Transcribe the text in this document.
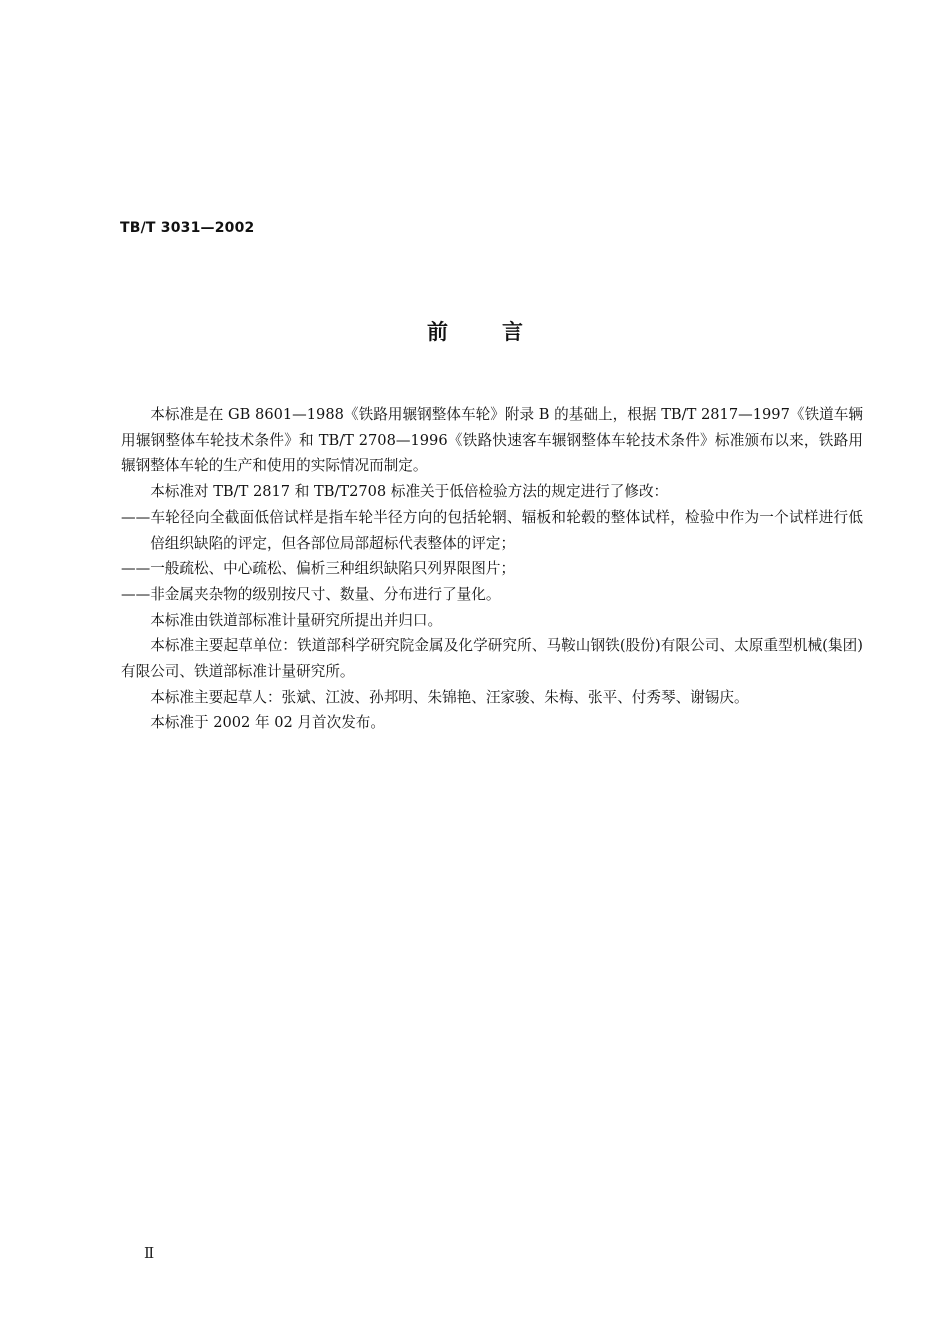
TB/T 3031—2002
前	言

本标准是在 GB 8601—1988《铁路用辗钢整体车轮》附录 B 的基础上，根据 TB/T 2817—1997《铁道车辆用辗钢整体车轮技术条件》和 TB/T 2708—1996《铁路快速客车辗钢整体车轮技术条件》标准颁布以来，铁路用辗钢整体车轮的生产和使用的实际情况而制定。

本标准对 TB/T 2817 和 TB/T2708 标准关于低倍检验方法的规定进行了修改：

——车轮径向全截面低倍试样是指车轮半径方向的包括轮辋、辐板和轮毂的整体试样，检验中作为一个试样进行低倍组织缺陷的评定，但各部位局部超标代表整体的评定；

——一般疏松、中心疏松、偏析三种组织缺陷只列界限图片；

——非金属夹杂物的级别按尺寸、数量、分布进行了量化。

本标准由铁道部标准计量研究所提出并归口。

本标准主要起草单位：铁道部科学研究院金属及化学研究所、马鞍山钢铁(股份)有限公司、太原重型机械(集团)有限公司、铁道部标准计量研究所。

本标准主要起草人：张斌、江波、孙邦明、朱锦艳、汪家骏、朱梅、张平、付秀琴、谢锡庆。

本标准于 2002 年 02 月首次发布。

Ⅱ
